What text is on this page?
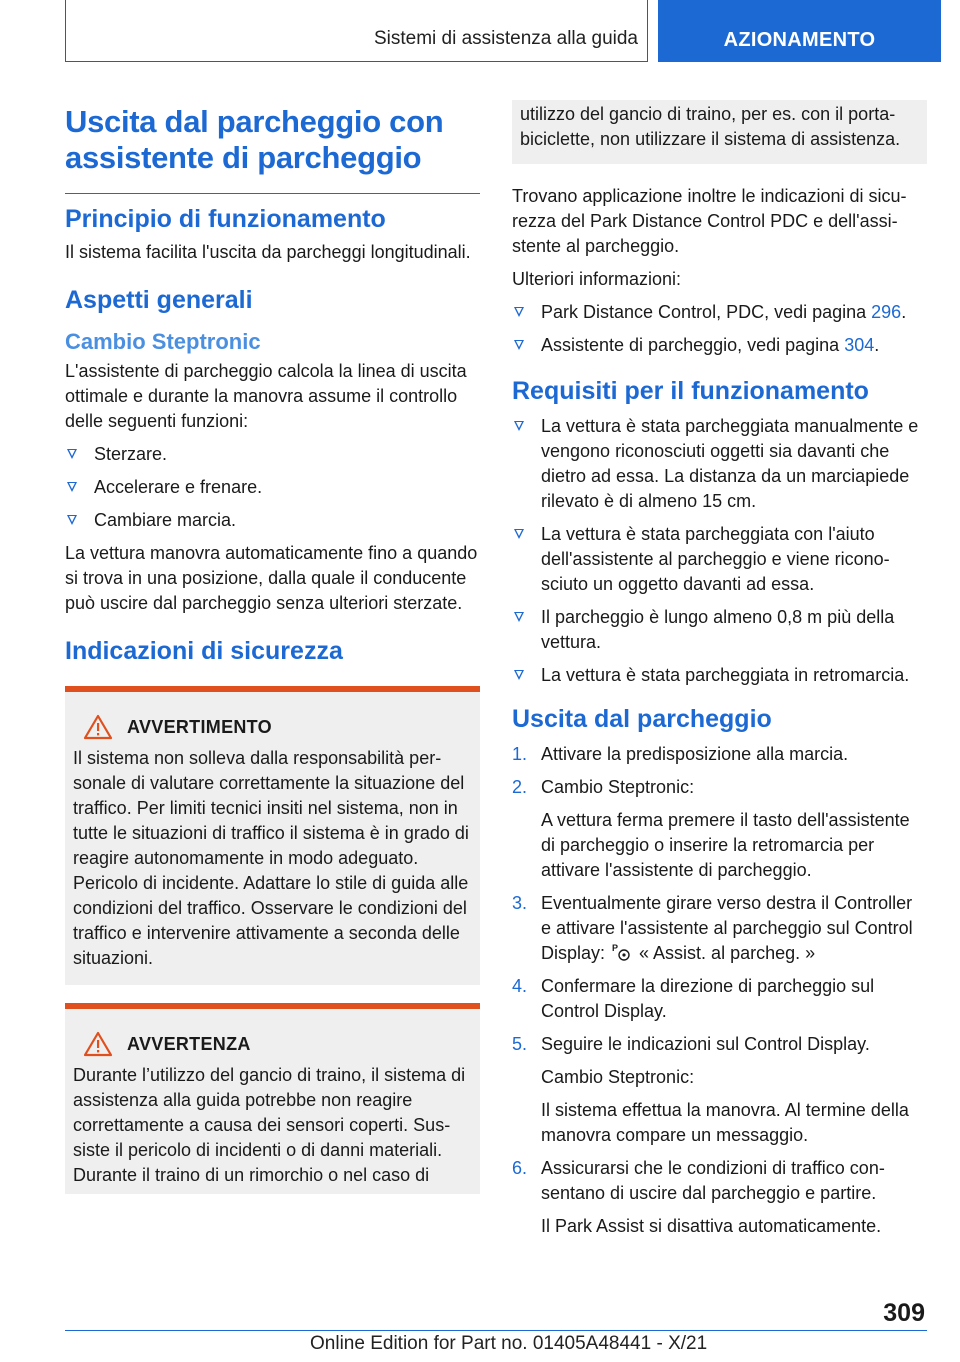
Sistemi di assistenza alla guida	AZIONAMENTO
Uscita dal parcheggio con assistente di parcheggio
Principio di funzionamento

Il sistema facilita l'uscita da parcheggi longitudinali.

Aspetti generali
Cambio Steptronic

L'assistente di parcheggio calcola la linea di uscita ottimale e durante la manovra assume il controllo delle seguenti funzioni:

Sterzare.
Accelerare e frenare.
Cambiare marcia.

La vettura manovra automaticamente fino a quando si trova in una posizione, dalla quale il conducente può uscire dal parcheggio senza ulteriori sterzate.

Indicazioni di sicurezza
AVVERTIMENTO

Il sistema non solleva dalla responsabilità personale di valutare correttamente la situazione del traffico. Per limiti tecnici insiti nel sistema, non in tutte le situazioni di traffico il sistema è in grado di reagire autonomamente in modo adeguato. Pericolo di incidente. Adattare lo stile di guida alle condizioni del traffico. Osservare le condizioni del traffico e intervenire attivamente a seconda delle situazioni.

AVVERTENZA

Durante l’utilizzo del gancio di traino, il sistema di assistenza alla guida potrebbe non reagire correttamente a causa dei sensori coperti. Sussiste il pericolo di incidenti o di danni materiali. Durante il traino di un rimorchio o nel caso di

utilizzo del gancio di traino, per es. con il portabiciclette, non utilizzare il sistema di assistenza.

Trovano applicazione inoltre le indicazioni di sicurezza del Park Distance Control PDC e dell'assistente al parcheggio.

Ulteriori informazioni:

Park Distance Control, PDC, vedi pagina 296.
Assistente di parcheggio, vedi pagina 304.
Requisiti per il funzionamento
La vettura è stata parcheggiata manualmente e vengono riconosciuti oggetti sia davanti che dietro ad essa. La distanza da un marciapiede rilevato è di almeno 15 cm.
La vettura è stata parcheggiata con l'aiuto dell'assistente al parcheggio e viene riconosciuto un oggetto davanti ad essa.
Il parcheggio è lungo almeno 0,8 m più della vettura.
La vettura è stata parcheggiata in retromarcia.
Uscita dal parcheggio
1. Attivare la predisposizione alla marcia.
2. Cambio Steptronic:
A vettura ferma premere il tasto dell'assistente di parcheggio o inserire la retromarcia per attivare l'assistente di parcheggio.
3. Eventualmente girare verso destra il Controller e attivare l'assistente al parcheggio sul Control Display: P « Assist. al parcheg. »
4. Confermare la direzione di parcheggio sul Control Display.
5. Seguire le indicazioni sul Control Display.
Cambio Steptronic:
Il sistema effettua la manovra. Al termine della manovra compare un messaggio.
6. Assicurarsi che le condizioni di traffico consentano di uscire dal parcheggio e partire.
Il Park Assist si disattiva automaticamente.
309
Online Edition for Part no. 01405A48441 - X/21
